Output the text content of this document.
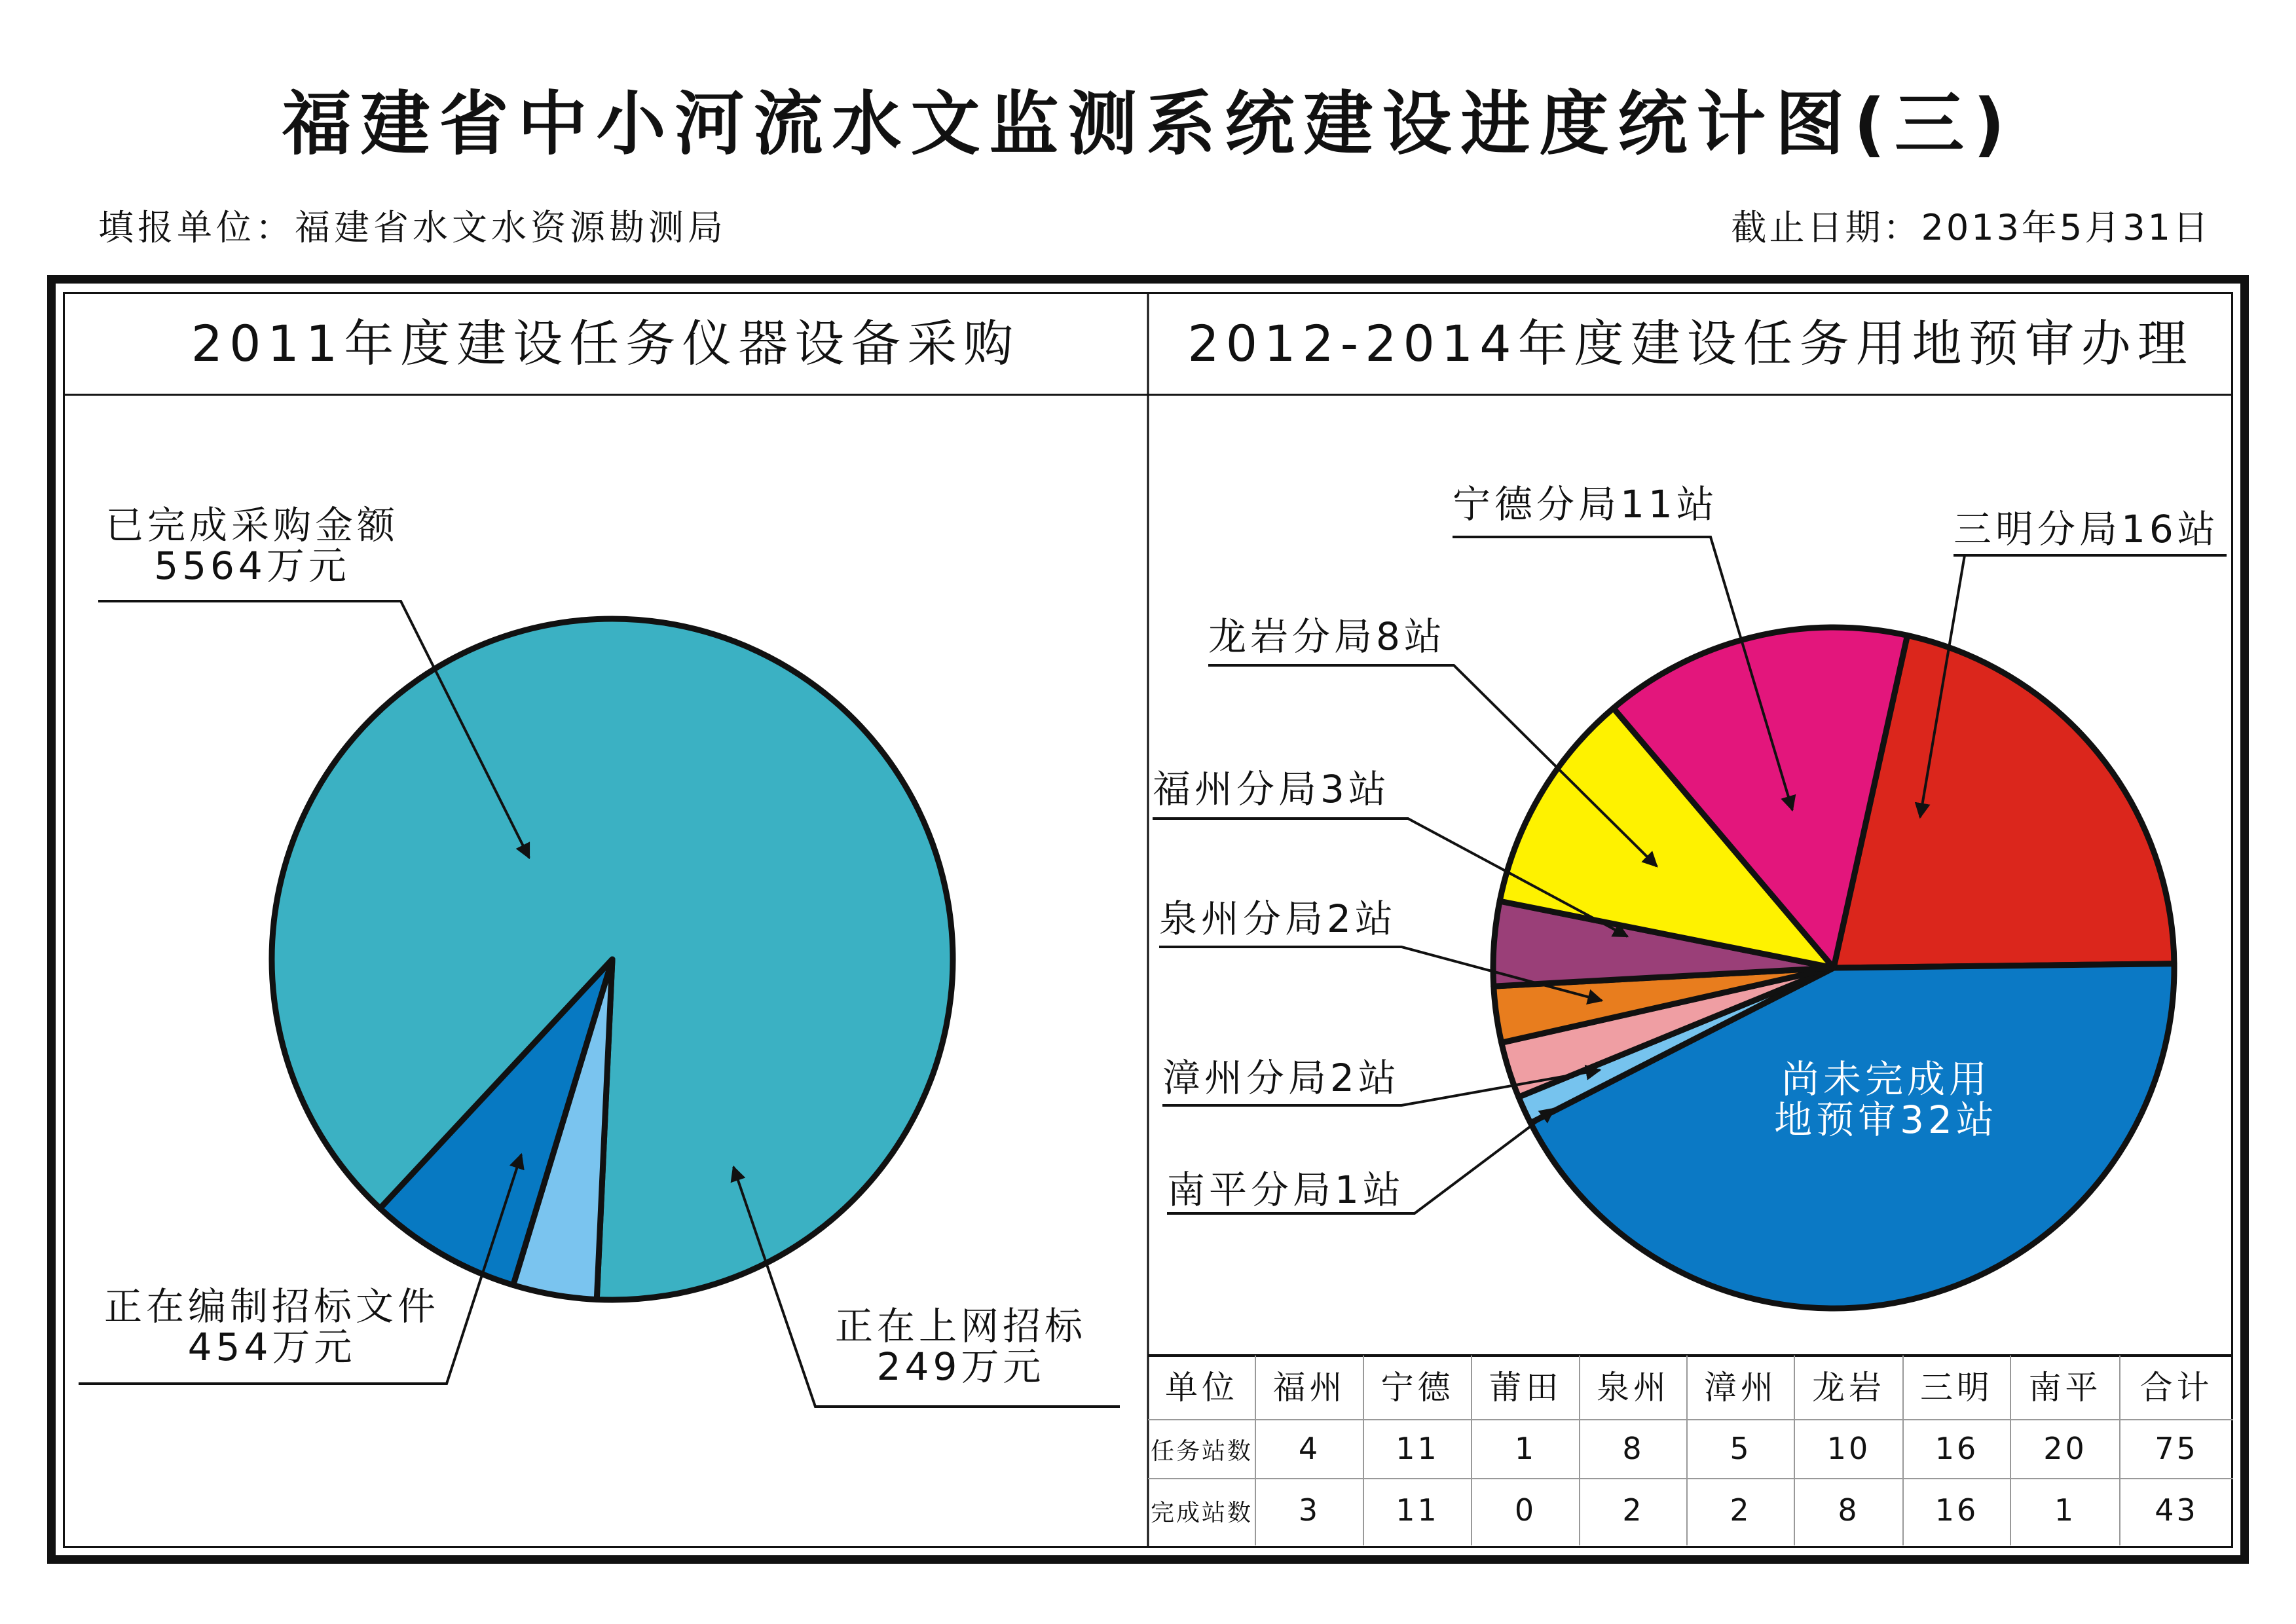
福建省中小河流水文监测系统建设进度统计图(三)
填报单位：福建省水文水资源勘测局	截止日期：2013年5月31日
2011年度建设任务仪器设备采购	2012-2014年度建设任务用地预审办理
已完成采购金额
5564万元
正在上网招标
249万元
正在编制招标文件
454万元
三明分局16站
尚未完成用
地预审32站
南平分局1站
漳州分局2站
泉州分局2站
福州分局3站
龙岩分局8站
宁德分局11站
单位 福州 宁德 莆田 泉州 漳州 龙岩 三明 南平 合计
任务站数 4	11	1	8	5	10 16 20 75
完成站数 3	11	0	2	2	8	16	1	43
